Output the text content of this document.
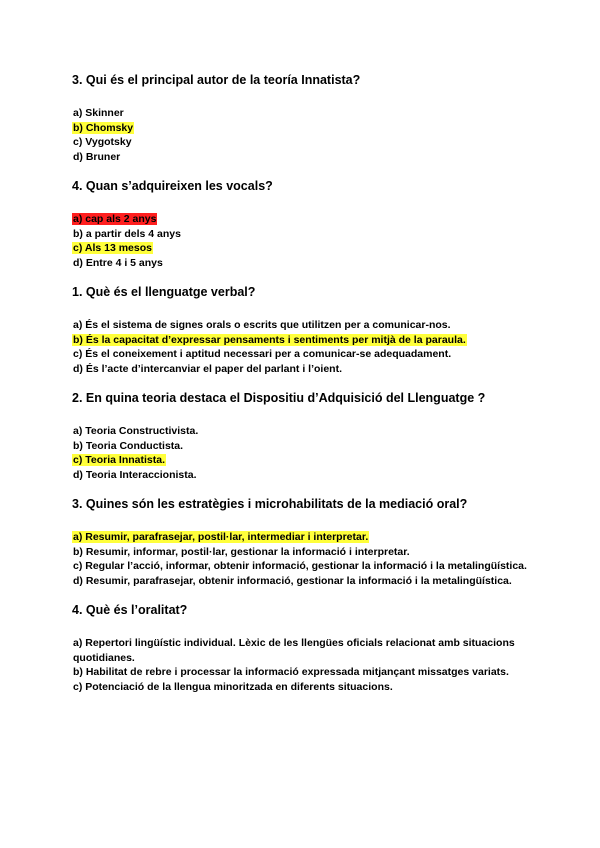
3. Qui és el principal autor de la teoría Innatista?
a) Skinner
b) Chomsky
c) Vygotsky
d) Bruner
4. Quan s’adquireixen les vocals?
a) cap als 2 anys
b) a partir dels 4 anys
c) Als 13 mesos
d) Entre 4 i 5 anys
1. Què és el llenguatge verbal?
a) És el sistema de signes orals o escrits que utilitzen per a comunicar-nos.
b) És la capacitat d’expressar pensaments i sentiments per mitjà de la paraula.
c) És el coneixement i aptitud necessari per a comunicar-se adequadament.
d) És l’acte d’intercanviar el paper del parlant i l’oient.
2. En quina teoria destaca el Dispositiu d’Adquisició del Llenguatge ?
a) Teoria Constructivista.
b) Teoria Conductista.
c) Teoria Innatista.
d) Teoria Interaccionista.
3. Quines són les estratègies i microhabilitats de la mediació oral?
a) Resumir, parafrasejar, postil·lar, intermediar i interpretar.
b) Resumir, informar, postil·lar, gestionar la informació i interpretar.
c) Regular l’acció, informar, obtenir informació, gestionar la informació i la metalingüística.
d) Resumir, parafrasejar, obtenir informació, gestionar la informació i la metalingüística.
4. Què és l’oralitat?
a) Repertori lingüístic individual. Lèxic de les llengües oficials relacionat amb situacions
quotidianes.
b) Habilitat de rebre i processar la informació expressada mitjançant missatges variats.
c) Potenciació de la llengua minoritzada en diferents situacions.
